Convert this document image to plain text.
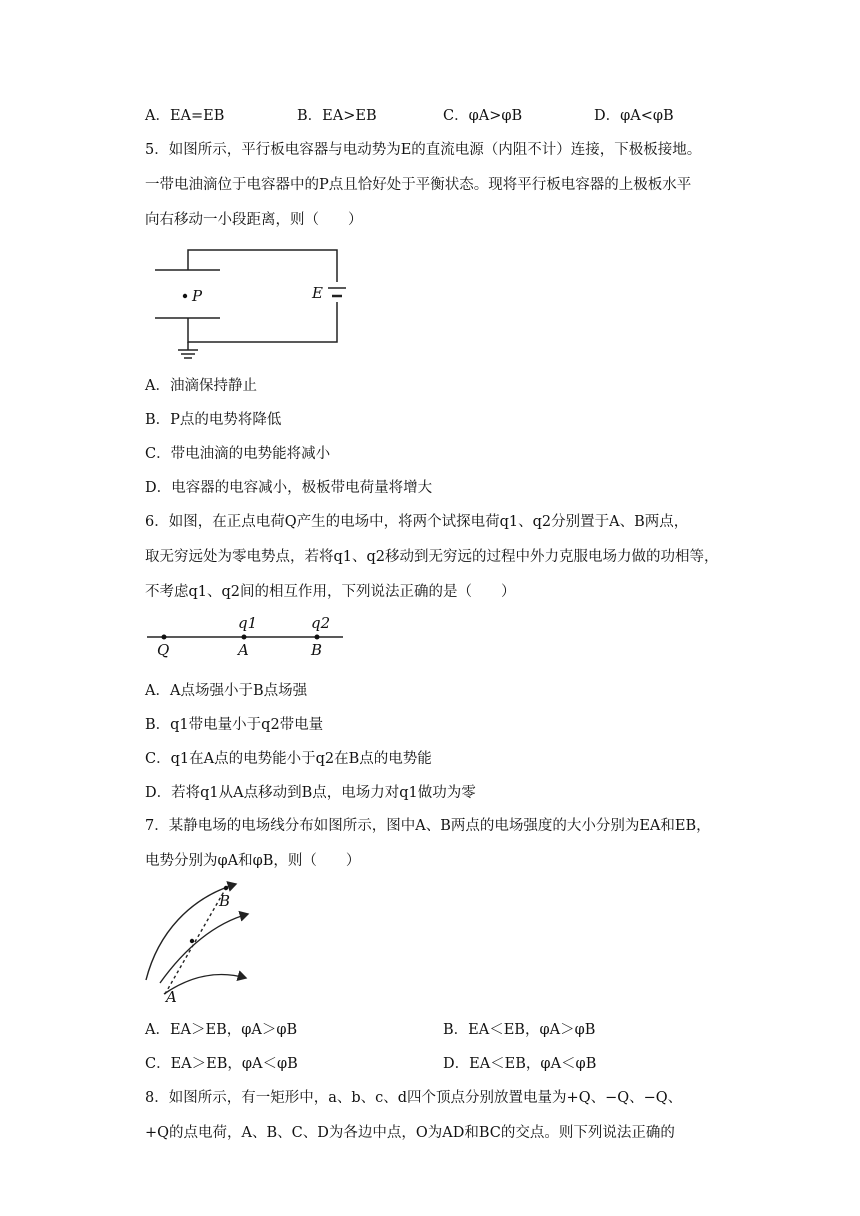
A．EA=EB	B．EA>EB	C．φA>φB	D．φA<φB
5．如图所示，平行板电容器与电动势为E的直流电源（内阻不计）连接，下极板接地。
一带电油滴位于电容器中的P点且恰好处于平衡状态。现将平行板电容器的上极板水平
向右移动一小段距离，则（　　）
P	E
A．油滴保持静止
B．P点的电势将降低
C．带电油滴的电势能将减小
D．电容器的电容减小，极板带电荷量将增大
6．如图，在正点电荷Q产生的电场中，将两个试探电荷q1、q2分别置于A、B两点，
取无穷远处为零电势点，若将q1、q2移动到无穷远的过程中外力克服电场力做的功相等，
不考虑q1、q2间的相互作用，下列说法正确的是（　　）
Q	A	B
q1	q2
A．A点场强小于B点场强
B．q1带电量小于q2带电量
C．q1在A点的电势能小于q2在B点的电势能
D．若将q1从A点移动到B点，电场力对q1做功为零
7．某静电场的电场线分布如图所示，图中A、B两点的电场强度的大小分别为EA和EB，
电势分别为φA和φB，则（　　）
B
A
A．EA＞EB，φA＞φB	B．EA＜EB，φA＞φB
C．EA＞EB，φA＜φB	D．EA＜EB，φA＜φB
8．如图所示，有一矩形中，a、b、c、d四个顶点分别放置电量为+Q、−Q、−Q、
+Q的点电荷，A、B、C、D为各边中点，O为AD和BC的交点。则下列说法正确的
